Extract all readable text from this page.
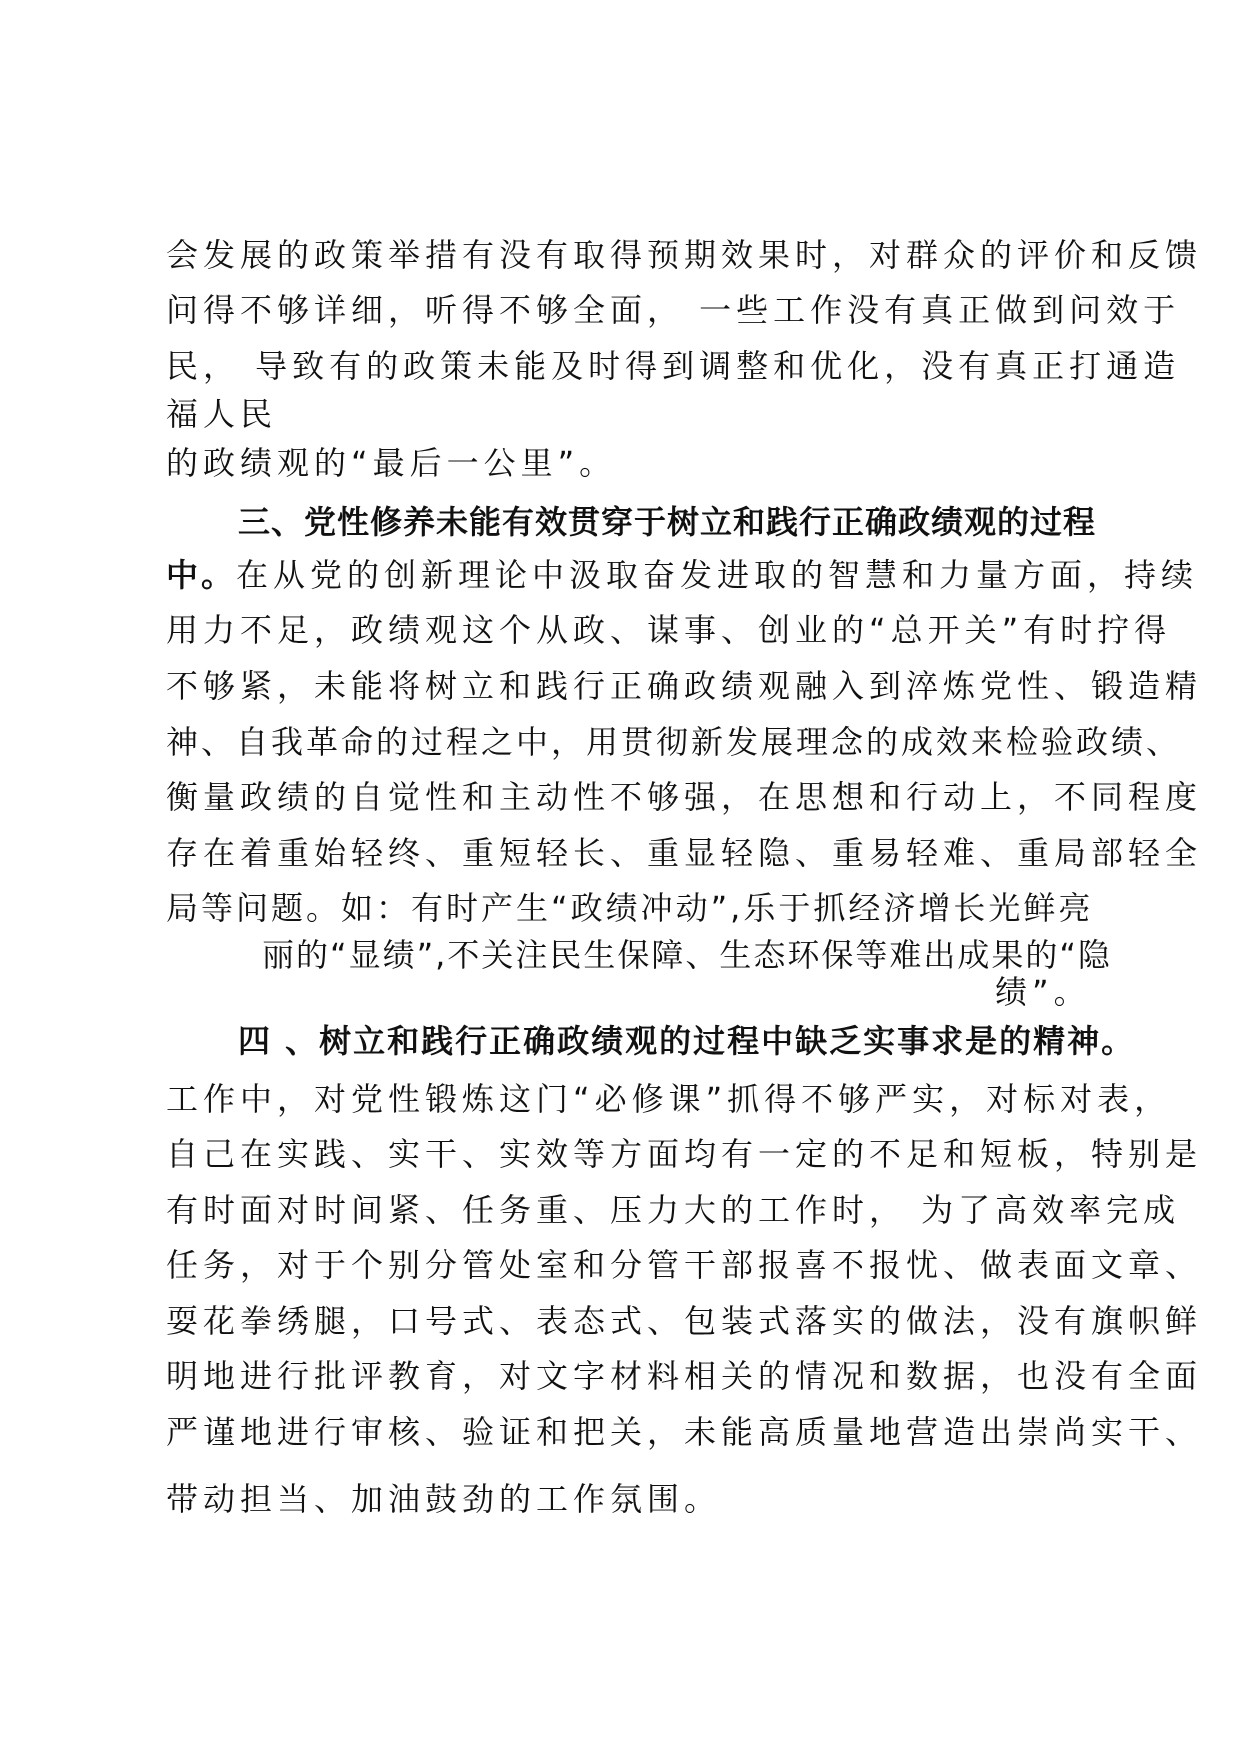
会发展的政策举措有没有取得预期效果时，对群众的评价和反馈

问得不够详细，听得不够全面， 一些工作没有真正做到问效于

民， 导致有的政策未能及时得到调整和优化，没有真正打通造

福人民

的政绩观的“最后一公里”。

三、党性修养未能有效贯穿于树立和践行正确政绩观的过程

中。在从党的创新理论中汲取奋发进取的智慧和力量方面，持续

用力不足，政绩观这个从政、谋事、创业的“总开关”有时拧得

不够紧，未能将树立和践行正确政绩观融入到淬炼党性、锻造精

神、自我革命的过程之中，用贯彻新发展理念的成效来检验政绩、

衡量政绩的自觉性和主动性不够强，在思想和行动上，不同程度

存在着重始轻终、重短轻长、重显轻隐、重易轻难、重局部轻全

局等问题。如：有时产生“政绩冲动”,乐于抓经济增长光鲜亮

丽的“显绩”,不关注民生保障、生态环保等难出成果的“隐

绩”。

四 、树立和践行正确政绩观的过程中缺乏实事求是的精神。

工作中，对党性锻炼这门“必修课”抓得不够严实，对标对表，

自己在实践、实干、实效等方面均有一定的不足和短板，特别是

有时面对时间紧、任务重、压力大的工作时， 为了高效率完成

任务，对于个别分管处室和分管干部报喜不报忧、做表面文章、

耍花拳绣腿，口号式、表态式、包装式落实的做法，没有旗帜鲜

明地进行批评教育，对文字材料相关的情况和数据，也没有全面

严谨地进行审核、验证和把关，未能高质量地营造出崇尚实干、

带动担当、加油鼓劲的工作氛围。
